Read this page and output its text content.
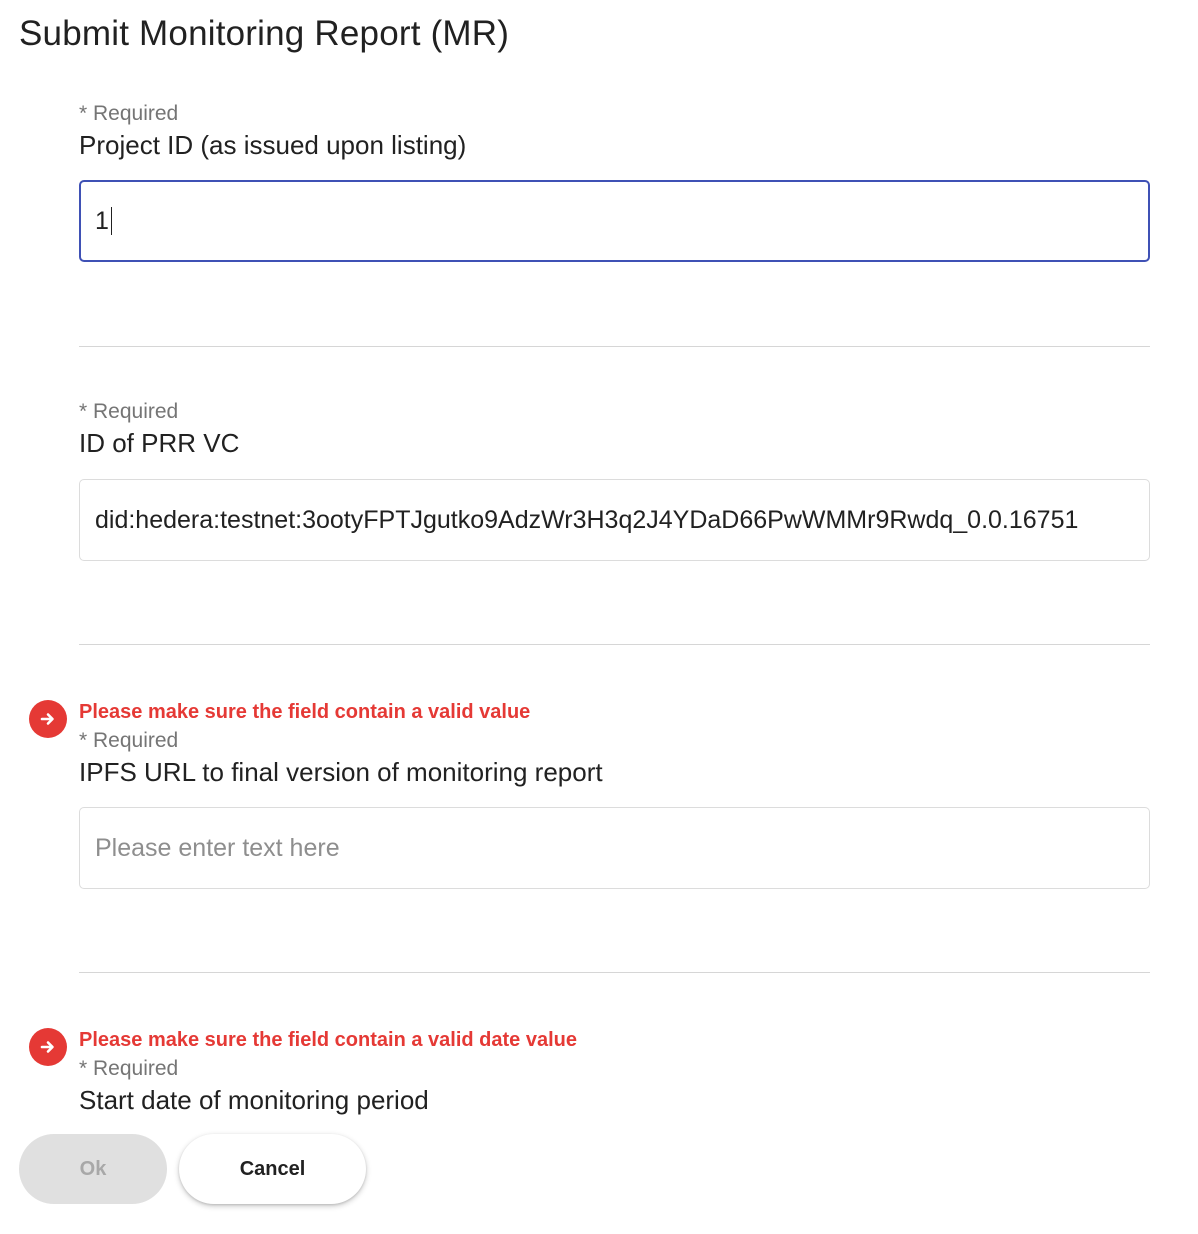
Submit Monitoring Report (MR)
* Required
Project ID (as issued upon listing)
1
* Required
ID of PRR VC
did:hedera:testnet:3ootyFPTJgutko9AdzWr3H3q2J4YDaD66PwWMMr9Rwdq_0.0.16751
Please make sure the field contain a valid value
* Required
IPFS URL to final version of monitoring report
Please enter text here
Please make sure the field contain a valid date value
* Required
Start date of monitoring period
Ok	Cancel
